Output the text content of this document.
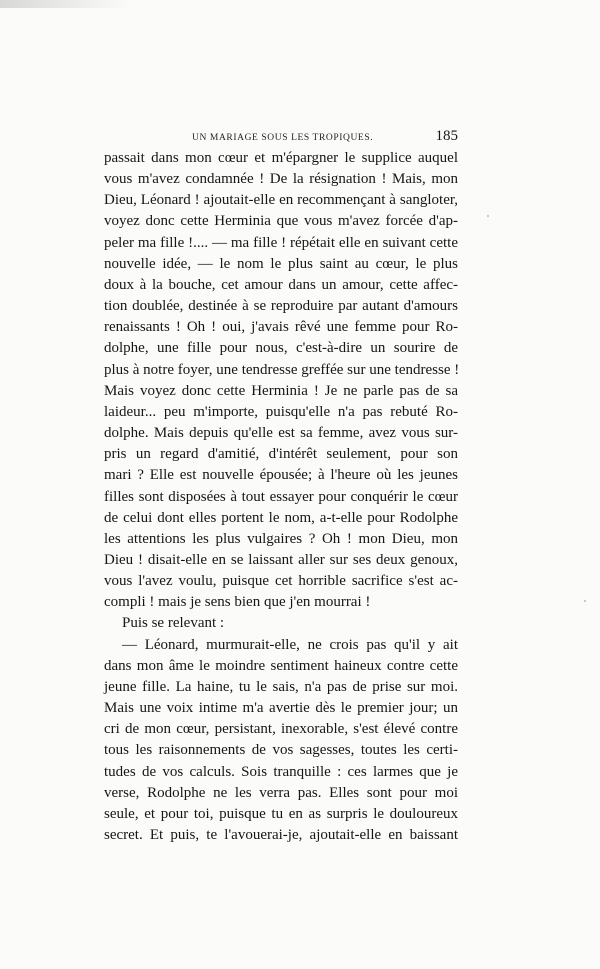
UN MARIAGE SOUS LES TROPIQUES.	185
passait dans mon cœur et m'épargner le supplice auquel
vous m'avez condamnée ! De la résignation ! Mais, mon
Dieu, Léonard ! ajoutait-elle en recommençant à sangloter,
voyez donc cette Herminia que vous m'avez forcée d'ap-
peler ma fille !.... — ma fille ! répétait elle en suivant cette
nouvelle idée, — le nom le plus saint au cœur, le plus
doux à la bouche, cet amour dans un amour, cette affec-
tion doublée, destinée à se reproduire par autant d'amours
renaissants ! Oh ! oui, j'avais rêvé une femme pour Ro-
dolphe, une fille pour nous, c'est-à-dire un sourire de
plus à notre foyer, une tendresse greffée sur une tendresse !
Mais voyez donc cette Herminia ! Je ne parle pas de sa
laideur... peu m'importe, puisqu'elle n'a pas rebuté Ro-
dolphe. Mais depuis qu'elle est sa femme, avez vous sur-
pris un regard d'amitié, d'intérêt seulement, pour son
mari ? Elle est nouvelle épousée; à l'heure où les jeunes
filles sont disposées à tout essayer pour conquérir le cœur
de celui dont elles portent le nom, a-t-elle pour Rodolphe
les attentions les plus vulgaires ? Oh ! mon Dieu, mon
Dieu ! disait-elle en se laissant aller sur ses deux genoux,
vous l'avez voulu, puisque cet horrible sacrifice s'est ac-
compli ! mais je sens bien que j'en mourrai !
Puis se relevant :
— Léonard, murmurait-elle, ne crois pas qu'il y ait
dans mon âme le moindre sentiment haineux contre cette
jeune fille. La haine, tu le sais, n'a pas de prise sur moi.
Mais une voix intime m'a avertie dès le premier jour; un
cri de mon cœur, persistant, inexorable, s'est élevé contre
tous les raisonnements de vos sagesses, toutes les certi-
tudes de vos calculs. Sois tranquille : ces larmes que je
verse, Rodolphe ne les verra pas. Elles sont pour moi
seule, et pour toi, puisque tu en as surpris le douloureux
secret. Et puis, te l'avouerai-je, ajoutait-elle en baissant
